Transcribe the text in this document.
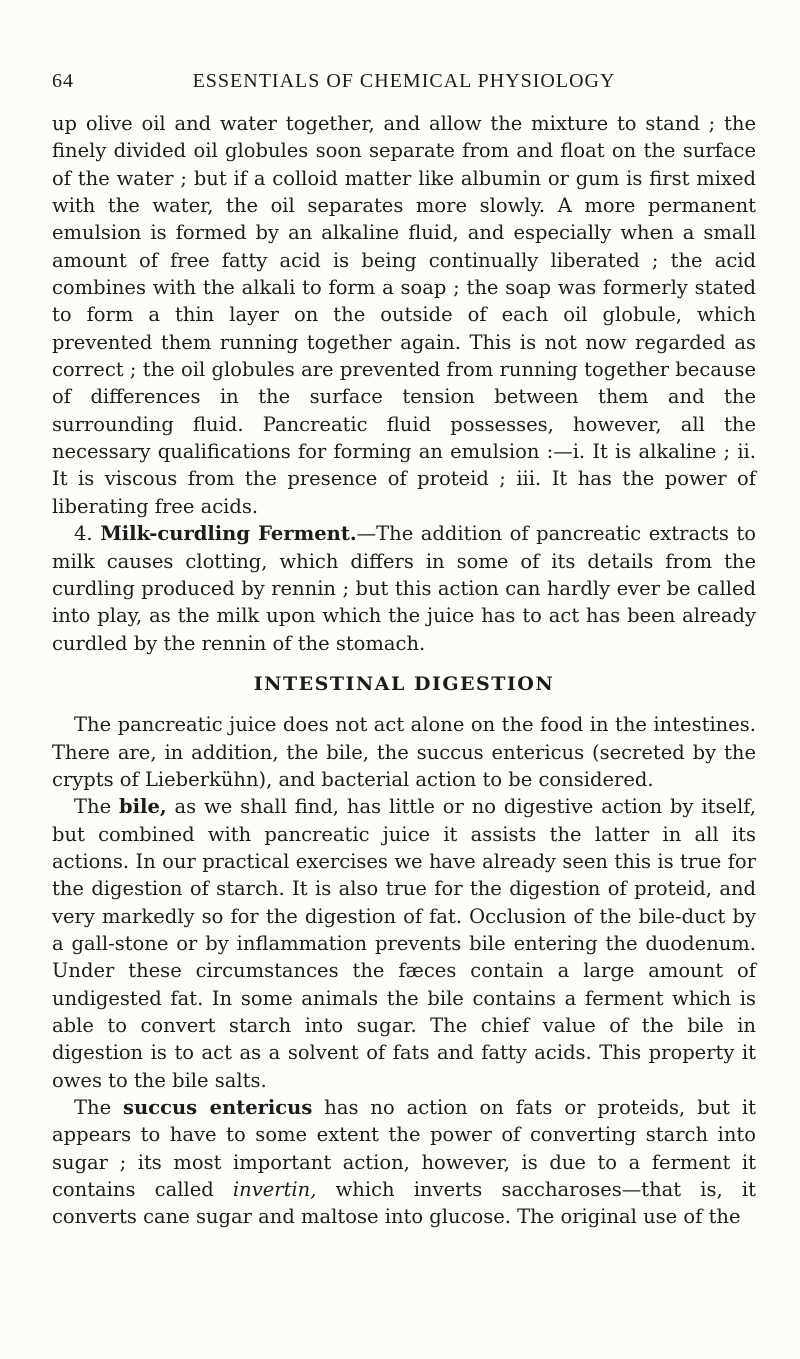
64	ESSENTIALS OF CHEMICAL PHYSIOLOGY

up olive oil and water together, and allow the mixture to stand ; the finely divided oil globules soon separate from and float on the surface of the water ; but if a colloid matter like albumin or gum is first mixed with the water, the oil separates more slowly. A more permanent emulsion is formed by an alkaline fluid, and especially when a small amount of free fatty acid is being continually liberated ; the acid combines with the alkali to form a soap ; the soap was formerly stated to form a thin layer on the outside of each oil globule, which prevented them running together again. This is not now regarded as correct ; the oil globules are prevented from running together because of differences in the surface tension between them and the surrounding fluid. Pancreatic fluid possesses, however, all the necessary qualifications for forming an emulsion :—i. It is alkaline ; ii. It is viscous from the presence of proteid ; iii. It has the power of liberating free acids.

4. Milk-curdling Ferment.—The addition of pancreatic extracts to milk causes clotting, which differs in some of its details from the curdling produced by rennin ; but this action can hardly ever be called into play, as the milk upon which the juice has to act has been already curdled by the rennin of the stomach.

INTESTINAL DIGESTION

The pancreatic juice does not act alone on the food in the intestines. There are, in addition, the bile, the succus entericus (secreted by the crypts of Lieberkühn), and bacterial action to be considered.

The bile, as we shall find, has little or no digestive action by itself, but combined with pancreatic juice it assists the latter in all its actions. In our practical exercises we have already seen this is true for the digestion of starch. It is also true for the digestion of proteid, and very markedly so for the digestion of fat. Occlusion of the bile-duct by a gall-stone or by inflammation prevents bile entering the duodenum. Under these circumstances the fæces contain a large amount of undigested fat. In some animals the bile contains a ferment which is able to convert starch into sugar. The chief value of the bile in digestion is to act as a solvent of fats and fatty acids. This property it owes to the bile salts.

The succus entericus has no action on fats or proteids, but it appears to have to some extent the power of converting starch into sugar ; its most important action, however, is due to a ferment it contains called invertin, which inverts saccharoses—that is, it converts cane sugar and maltose into glucose. The original use of the
